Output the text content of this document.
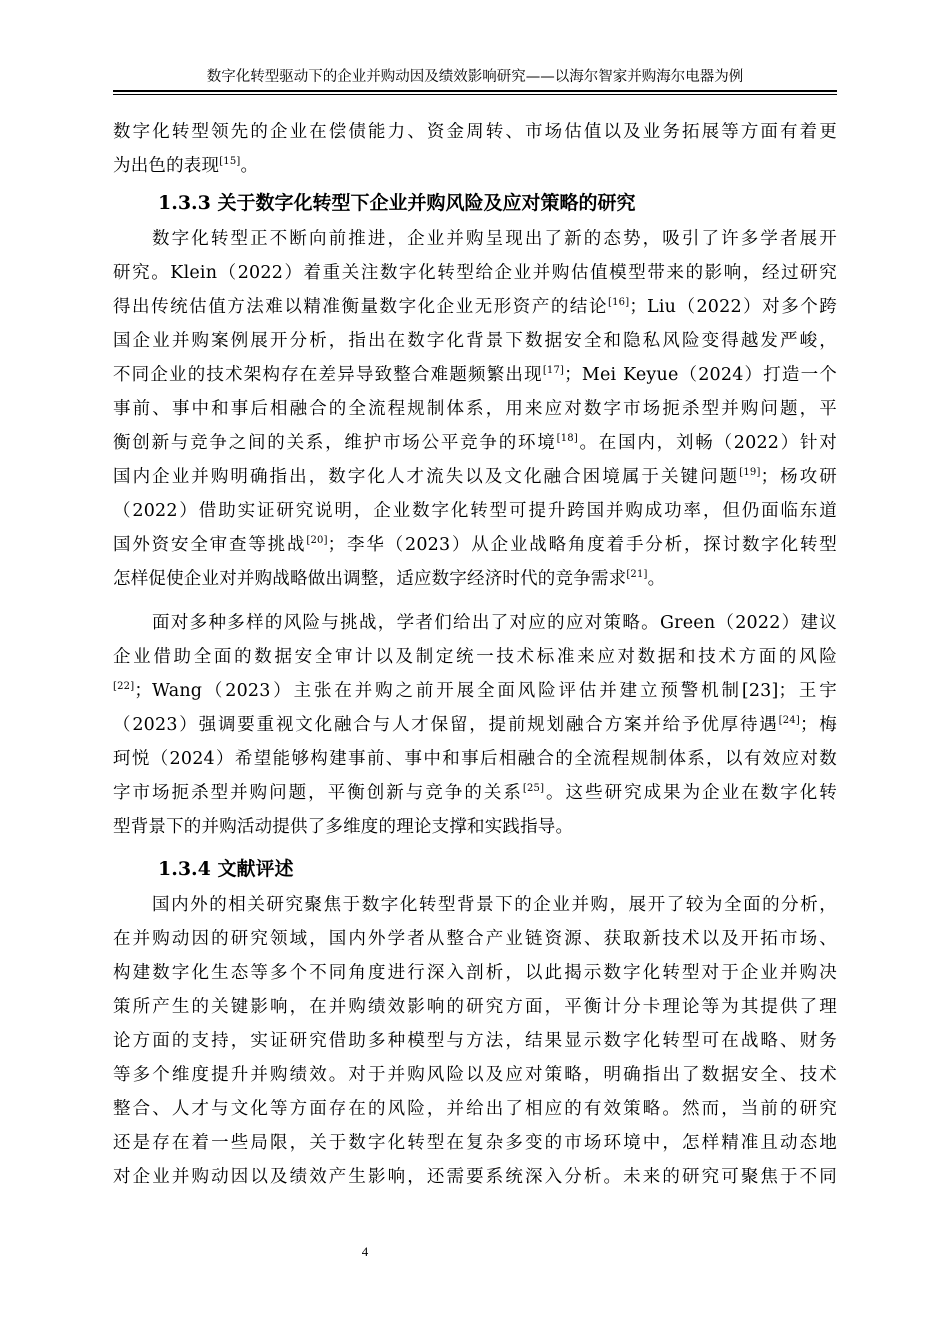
数字化转型驱动下的企业并购动因及绩效影响研究——以海尔智家并购海尔电器为例
数字化转型领先的企业在偿债能力、资金周转、市场估值以及业务拓展等方面有着更
为出色的表现[15]。
1.3.3 关于数字化转型下企业并购风险及应对策略的研究
数字化转型正不断向前推进，企业并购呈现出了新的态势，吸引了许多学者展开
研究。Klein（2022）着重关注数字化转型给企业并购估值模型带来的影响，经过研究
得出传统估值方法难以精准衡量数字化企业无形资产的结论[16]；Liu（2022）对多个跨
国企业并购案例展开分析，指出在数字化背景下数据安全和隐私风险变得越发严峻，
不同企业的技术架构存在差异导致整合难题频繁出现[17]；Mei Keyue（2024）打造一个
事前、事中和事后相融合的全流程规制体系，用来应对数字市场扼杀型并购问题，平
衡创新与竞争之间的关系，维护市场公平竞争的环境[18]。在国内，刘畅（2022）针对
国内企业并购明确指出，数字化人才流失以及文化融合困境属于关键问题[19]；杨攻研
（2022）借助实证研究说明，企业数字化转型可提升跨国并购成功率，但仍面临东道
国外资安全审查等挑战[20]；李华（2023）从企业战略角度着手分析，探讨数字化转型
怎样促使企业对并购战略做出调整，适应数字经济时代的竞争需求[21]。
面对多种多样的风险与挑战，学者们给出了对应的应对策略。Green（2022）建议
企业借助全面的数据安全审计以及制定统一技术标准来应对数据和技术方面的风险
[22]；Wang（2023）主张在并购之前开展全面风险评估并建立预警机制[23]；王宇
（2023）强调要重视文化融合与人才保留，提前规划融合方案并给予优厚待遇[24]；梅
珂悦（2024）希望能够构建事前、事中和事后相融合的全流程规制体系，以有效应对数
字市场扼杀型并购问题，平衡创新与竞争的关系[25]。这些研究成果为企业在数字化转
型背景下的并购活动提供了多维度的理论支撑和实践指导。
1.3.4 文献评述
国内外的相关研究聚焦于数字化转型背景下的企业并购，展开了较为全面的分析，
在并购动因的研究领域，国内外学者从整合产业链资源、获取新技术以及开拓市场、
构建数字化生态等多个不同角度进行深入剖析，以此揭示数字化转型对于企业并购决
策所产生的关键影响，在并购绩效影响的研究方面，平衡计分卡理论等为其提供了理
论方面的支持，实证研究借助多种模型与方法，结果显示数字化转型可在战略、财务
等多个维度提升并购绩效。对于并购风险以及应对策略，明确指出了数据安全、技术
整合、人才与文化等方面存在的风险，并给出了相应的有效策略。然而，当前的研究
还是存在着一些局限，关于数字化转型在复杂多变的市场环境中，怎样精准且动态地
对企业并购动因以及绩效产生影响，还需要系统深入分析。未来的研究可聚焦于不同
4
